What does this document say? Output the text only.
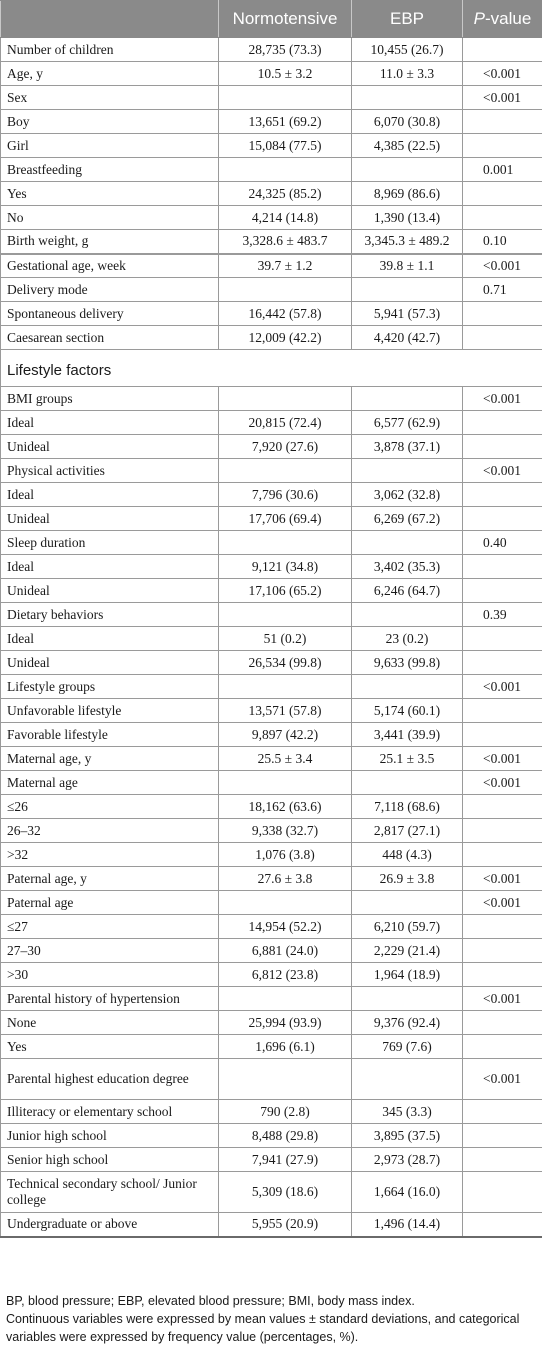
	Normotensive	EBP	P-value
Number of children	28,735 (73.3)	10,455 (26.7)	
Age, y	10.5 ± 3.2	11.0 ± 3.3	<0.001
Sex			<0.001
Boy	13,651 (69.2)	6,070 (30.8)	
Girl	15,084 (77.5)	4,385 (22.5)	
Breastfeeding			0.001
Yes	24,325 (85.2)	8,969 (86.6)	
No	4,214 (14.8)	1,390 (13.4)	
Birth weight, g	3,328.6 ± 483.7	3,345.3 ± 489.2	0.10
Gestational age, week	39.7 ± 1.2	39.8 ± 1.1	<0.001
Delivery mode			0.71
Spontaneous delivery	16,442 (57.8)	5,941 (57.3)	
Caesarean section	12,009 (42.2)	4,420 (42.7)	
Lifestyle factors			
BMI groups			<0.001
Ideal	20,815 (72.4)	6,577 (62.9)	
Unideal	7,920 (27.6)	3,878 (37.1)	
Physical activities			<0.001
Ideal	7,796 (30.6)	3,062 (32.8)	
Unideal	17,706 (69.4)	6,269 (67.2)	
Sleep duration			0.40
Ideal	9,121 (34.8)	3,402 (35.3)	
Unideal	17,106 (65.2)	6,246 (64.7)	
Dietary behaviors			0.39
Ideal	51 (0.2)	23 (0.2)	
Unideal	26,534 (99.8)	9,633 (99.8)	
Lifestyle groups			<0.001
Unfavorable lifestyle	13,571 (57.8)	5,174 (60.1)	
Favorable lifestyle	9,897 (42.2)	3,441 (39.9)	
Maternal age, y	25.5 ± 3.4	25.1 ± 3.5	<0.001
Maternal age			<0.001
≤26	18,162 (63.6)	7,118 (68.6)	
26–32	9,338 (32.7)	2,817 (27.1)	
>32	1,076 (3.8)	448 (4.3)	
Paternal age, y	27.6 ± 3.8	26.9 ± 3.8	<0.001
Paternal age			<0.001
≤27	14,954 (52.2)	6,210 (59.7)	
27–30	6,881 (24.0)	2,229 (21.4)	
>30	6,812 (23.8)	1,964 (18.9)	
Parental history of hypertension			<0.001
None	25,994 (93.9)	9,376 (92.4)	
Yes	1,696 (6.1)	769 (7.6)	
Parental highest education degree			<0.001
Illiteracy or elementary school	790 (2.8)	345 (3.3)	
Junior high school	8,488 (29.8)	3,895 (37.5)	
Senior high school	7,941 (27.9)	2,973 (28.7)	
Technical secondary school/ Junior college	5,309 (18.6)	1,664 (16.0)	
Undergraduate or above	5,955 (20.9)	1,496 (14.4)	

BP, blood pressure; EBP, elevated blood pressure; BMI, body mass index.

Continuous variables were expressed by mean values ± standard deviations, and categorical variables were expressed by frequency value (percentages, %).
